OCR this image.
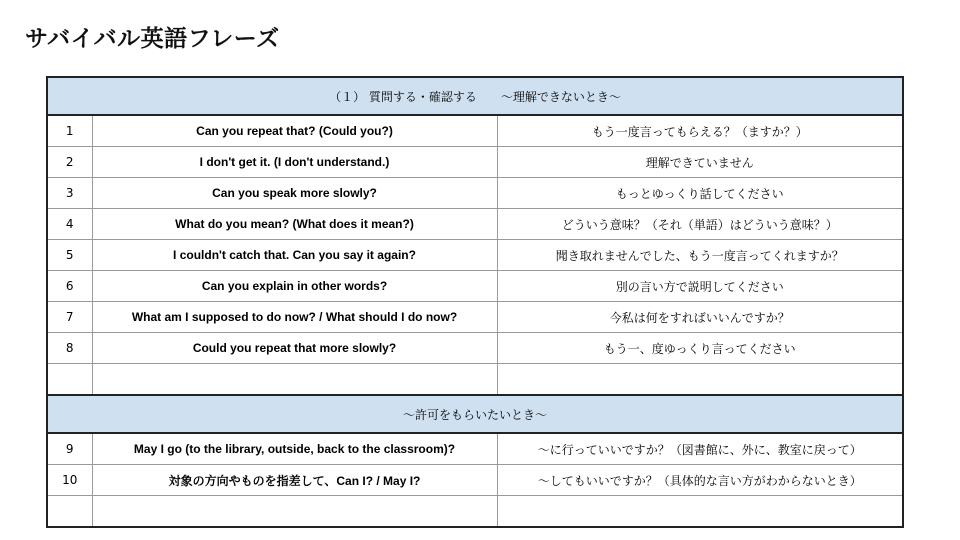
サバイバル英語フレーズ
（１） 質問する・確認する　　～理解できないとき～		
1	Can you repeat that? (Could you?)	もう一度言ってもらえる？（ますか？）
2	I don't get it. (I don't understand.)	理解できていません
3	Can you speak more slowly?	もっとゆっくり話してください
4	What do you mean? (What does it mean?)	どういう意味？（それ（単語）はどういう意味？）
5	I couldn't catch that. Can you say it again?	聞き取れませんでした、もう一度言ってくれますか？
6	Can you explain in other words?	別の言い方で説明してください
7	What am I supposed to do now? / What should I do now?	今私は何をすればいいんですか？
8	Could you repeat that more slowly?	もう一、度ゆっくり言ってください

～許可をもらいたいとき～		
9	May I go (to the library, outside, back to the classroom)?	～に行っていいですか？（図書館に、外に、教室に戻って）
10	対象の方向やものを指差して、Can I? / May I?	～してもいいですか？（具体的な言い方がわからないとき）
